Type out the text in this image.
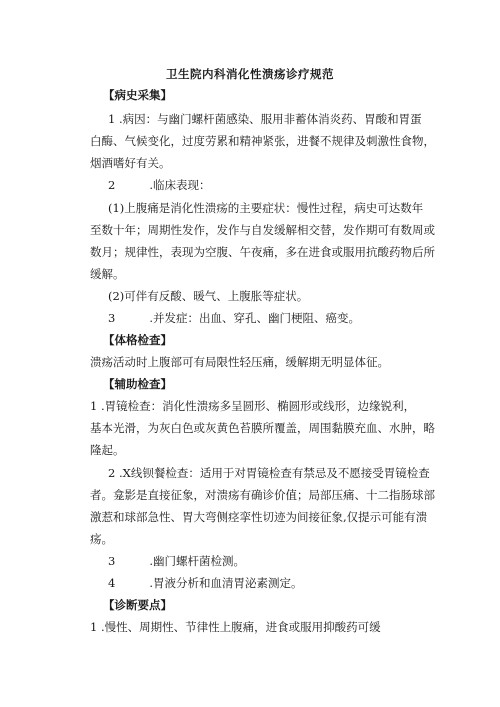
卫生院内科消化性溃疡诊疗规范
【病史采集】
1 .病因：与幽门螺杆菌感染、服用非蓄体消炎药、胃酸和胃蛋
白酶、气候变化，过度劳累和精神紧张，进餐不规律及刺激性食物，
烟酒嗜好有关。
2	.临床表现：
(1)上腹痛是消化性溃疡的主要症状：慢性过程，病史可达数年
至数十年；周期性发作，发作与自发缓解相交替，发作期可有数周或
数月；规律性，表现为空腹、午夜痛，多在进食或服用抗酸药物后所
缓解。
(2)可伴有反酸、暖气、上腹胀等症状。
3	.并发症：出血、穿孔、幽门梗阻、癌变。
【体格检查】
溃疡活动时上腹部可有局限性轻压痛，缓解期无明显体征。
【辅助检查】
1 .胃镜检查：消化性溃疡多呈圆形、椭圆形或线形，边缘锐利，
基本光滑，为灰白色或灰黄色苔膜所覆盖，周围黏膜充血、水肿，略
隆起。
2 .X线钡餐检查：适用于对胃镜检查有禁忌及不愿接受胃镜检查
者。龛影是直接征象，对溃疡有确诊价值；局部压痛、十二指肠球部
激惹和球部急性、胃大弯侧痉挛性切迹为间接征象,仅提示可能有溃
疡。
3	.幽门螺杆菌检测。
4	.胃液分析和血清胃泌素测定。
【诊断要点】
1 .慢性、周期性、节律性上腹痛，进食或服用抑酸药可缓
